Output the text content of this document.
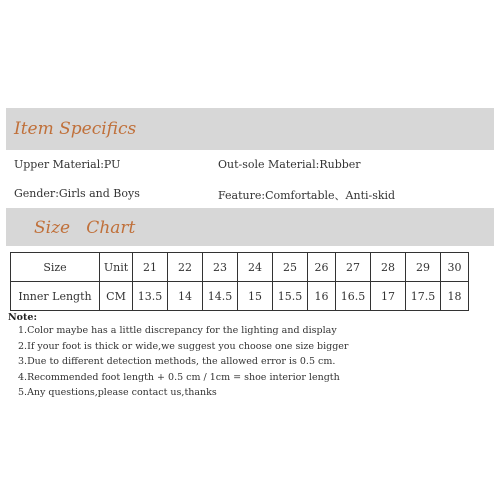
Item Specifics
Upper Material:PU	Out-sole Material:Rubber
Gender:Girls and Boys	Feature:Comfortable、Anti-skid
Size   Chart
Size	Unit	21	22	23	24	25	26	27	28	29	30
Inner Length	CM	13.5	14	14.5	15	15.5	16	16.5	17	17.5	18
Note:
1.Color maybe has a little discrepancy for the lighting and display
2.If your foot is thick or wide,we suggest you choose one size bigger
3.Due to different detection methods, the allowed error is 0.5 cm.
4.Recommended foot length + 0.5 cm / 1cm = shoe interior length
5.Any questions,please contact us,thanks
